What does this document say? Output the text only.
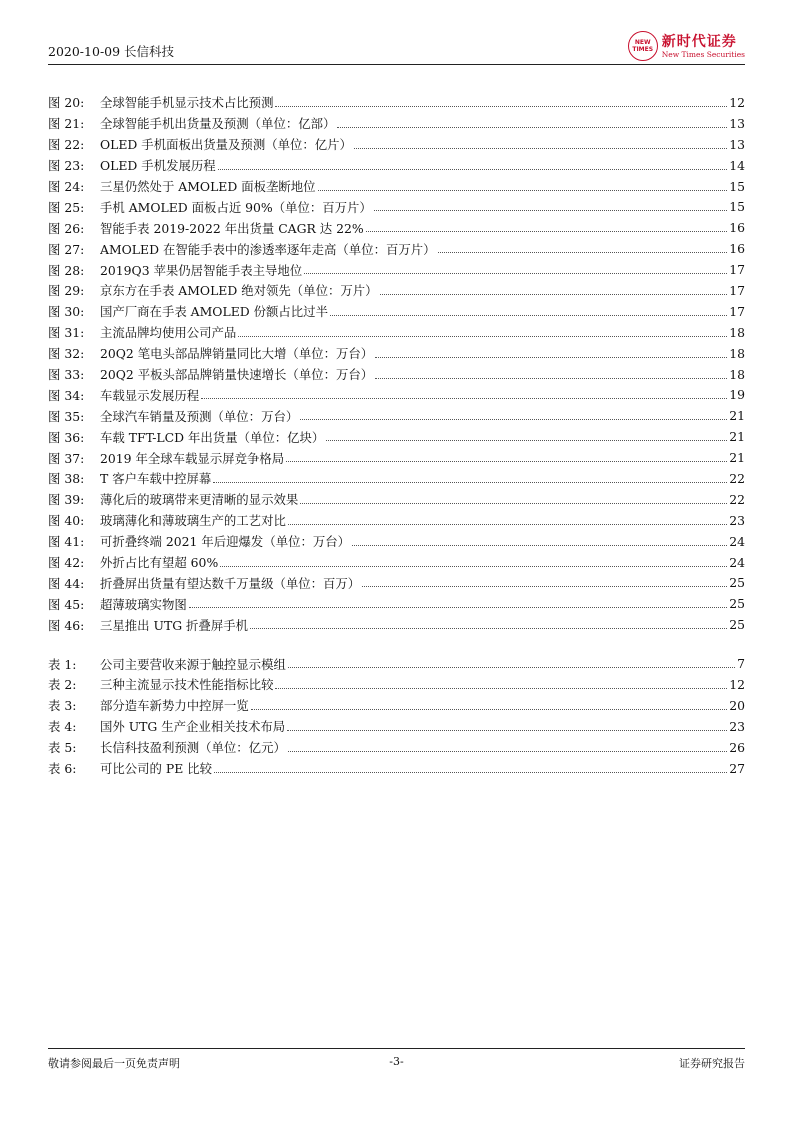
2020-10-09 长信科技
NEW
TIMES 新时代证券
New Times Securities
图 20:	全球智能手机显示技术占比预测	12
图 21:	全球智能手机出货量及预测（单位：亿部）	13
图 22:	OLED 手机面板出货量及预测（单位：亿片）	13
图 23:	OLED 手机发展历程	14
图 24:	三星仍然处于 AMOLED 面板垄断地位	15
图 25:	手机 AMOLED 面板占近 90%（单位：百万片）	15
图 26:	智能手表 2019-2022 年出货量 CAGR 达 22%	16
图 27:	AMOLED 在智能手表中的渗透率逐年走高（单位：百万片）	16
图 28:	2019Q3 苹果仍居智能手表主导地位	17
图 29:	京东方在手表 AMOLED 绝对领先（单位：万片）	17
图 30:	国产厂商在手表 AMOLED 份额占比过半	17
图 31:	主流品牌均使用公司产品	18
图 32:	20Q2 笔电头部品牌销量同比大增（单位：万台）	18
图 33:	20Q2 平板头部品牌销量快速增长（单位：万台）	18
图 34:	车载显示发展历程	19
图 35:	全球汽车销量及预测（单位：万台）	21
图 36:	车载 TFT-LCD 年出货量（单位：亿块）	21
图 37:	2019 年全球车载显示屏竞争格局	21
图 38:	T 客户车载中控屏幕	22
图 39:	薄化后的玻璃带来更清晰的显示效果	22
图 40:	玻璃薄化和薄玻璃生产的工艺对比	23
图 41:	可折叠终端 2021 年后迎爆发（单位：万台）	24
图 42:	外折占比有望超 60%	24
图 44:	折叠屏出货量有望达数千万量级（单位：百万）	25
图 45:	超薄玻璃实物图	25
图 46:	三星推出 UTG 折叠屏手机	25
表 1:	公司主要营收来源于触控显示模组	7
表 2:	三种主流显示技术性能指标比较	12
表 3:	部分造车新势力中控屏一览	20
表 4:	国外 UTG 生产企业相关技术布局	23
表 5:	长信科技盈利预测（单位：亿元）	26
表 6:	可比公司的 PE 比较	27
敬请参阅最后一页免责声明	-3-	证券研究报告
